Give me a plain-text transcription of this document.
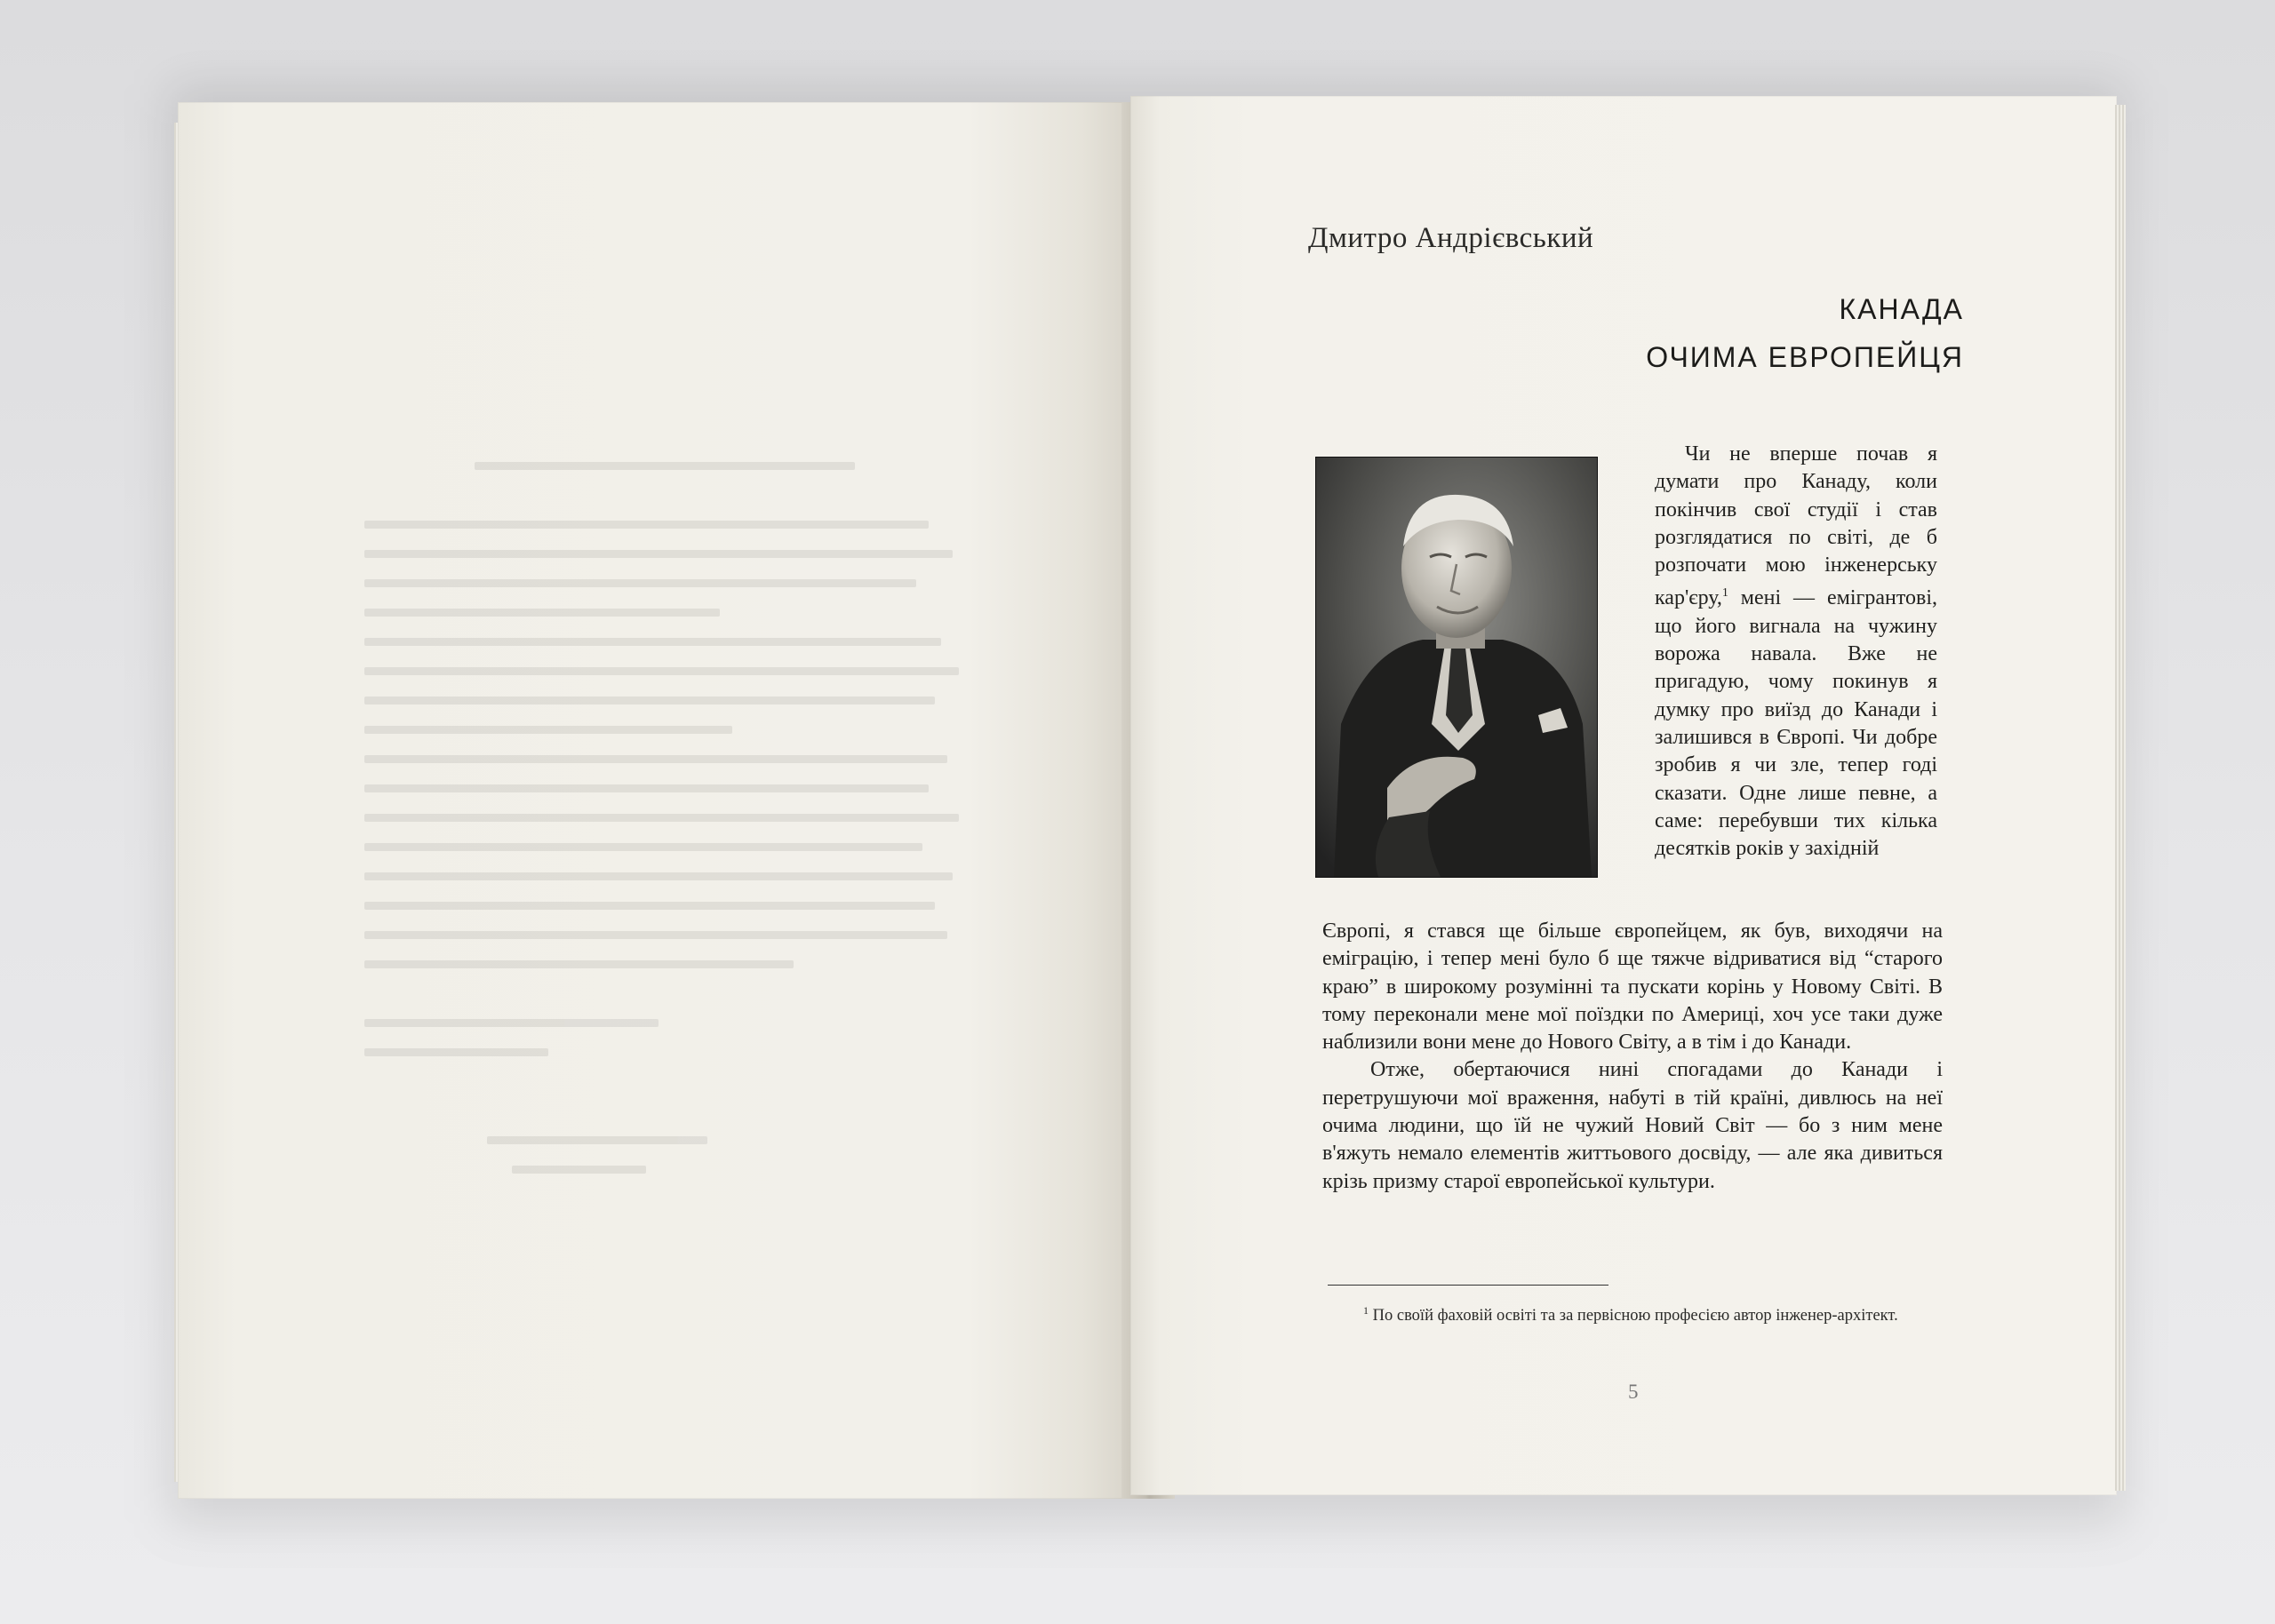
Дмитро Андрієвський
КАНАДА
ОЧИМА ЕВРОПЕЙЦЯ

Чи не вперше почав я думати про Канаду, коли покінчив свої студії і став розглядатися по світі, де б розпочати мою інженерську кар'єру,$^1$ мені — емігрантові, що його вигнала на чужину ворожа навала. Вже не пригадую, чому покинув я думку про виїзд до Канади і залишився в Європі. Чи добре зробив я чи зле, тепер годі сказати. Одне лише певне, а саме: перебувши тих кілька десятків років у західній

Європі, я стався ще більше європейцем, як був, виходячи на еміграцію, і тепер мені було б ще тяжче відриватися від “старого краю” в широкому розумінні та пускати корінь у Новому Світі. В тому переконали мене мої поїздки по Америці, хоч усе таки дуже наблизили вони мене до Нового Світу, а в тім і до Канади.

Отже, обертаючися нині спогадами до Канади і перетрушуючи мої враження, набуті в тій країні, дивлюсь на неї очима людини, що їй не чужий Новий Світ — бо з ним мене в'яжуть немало елементів життьового досвіду, — але яка дивиться крізь призму старої европейської культури.

$^1$ По своїй фаховій освіті та за первісною професією автор інженер-архітект.

5
